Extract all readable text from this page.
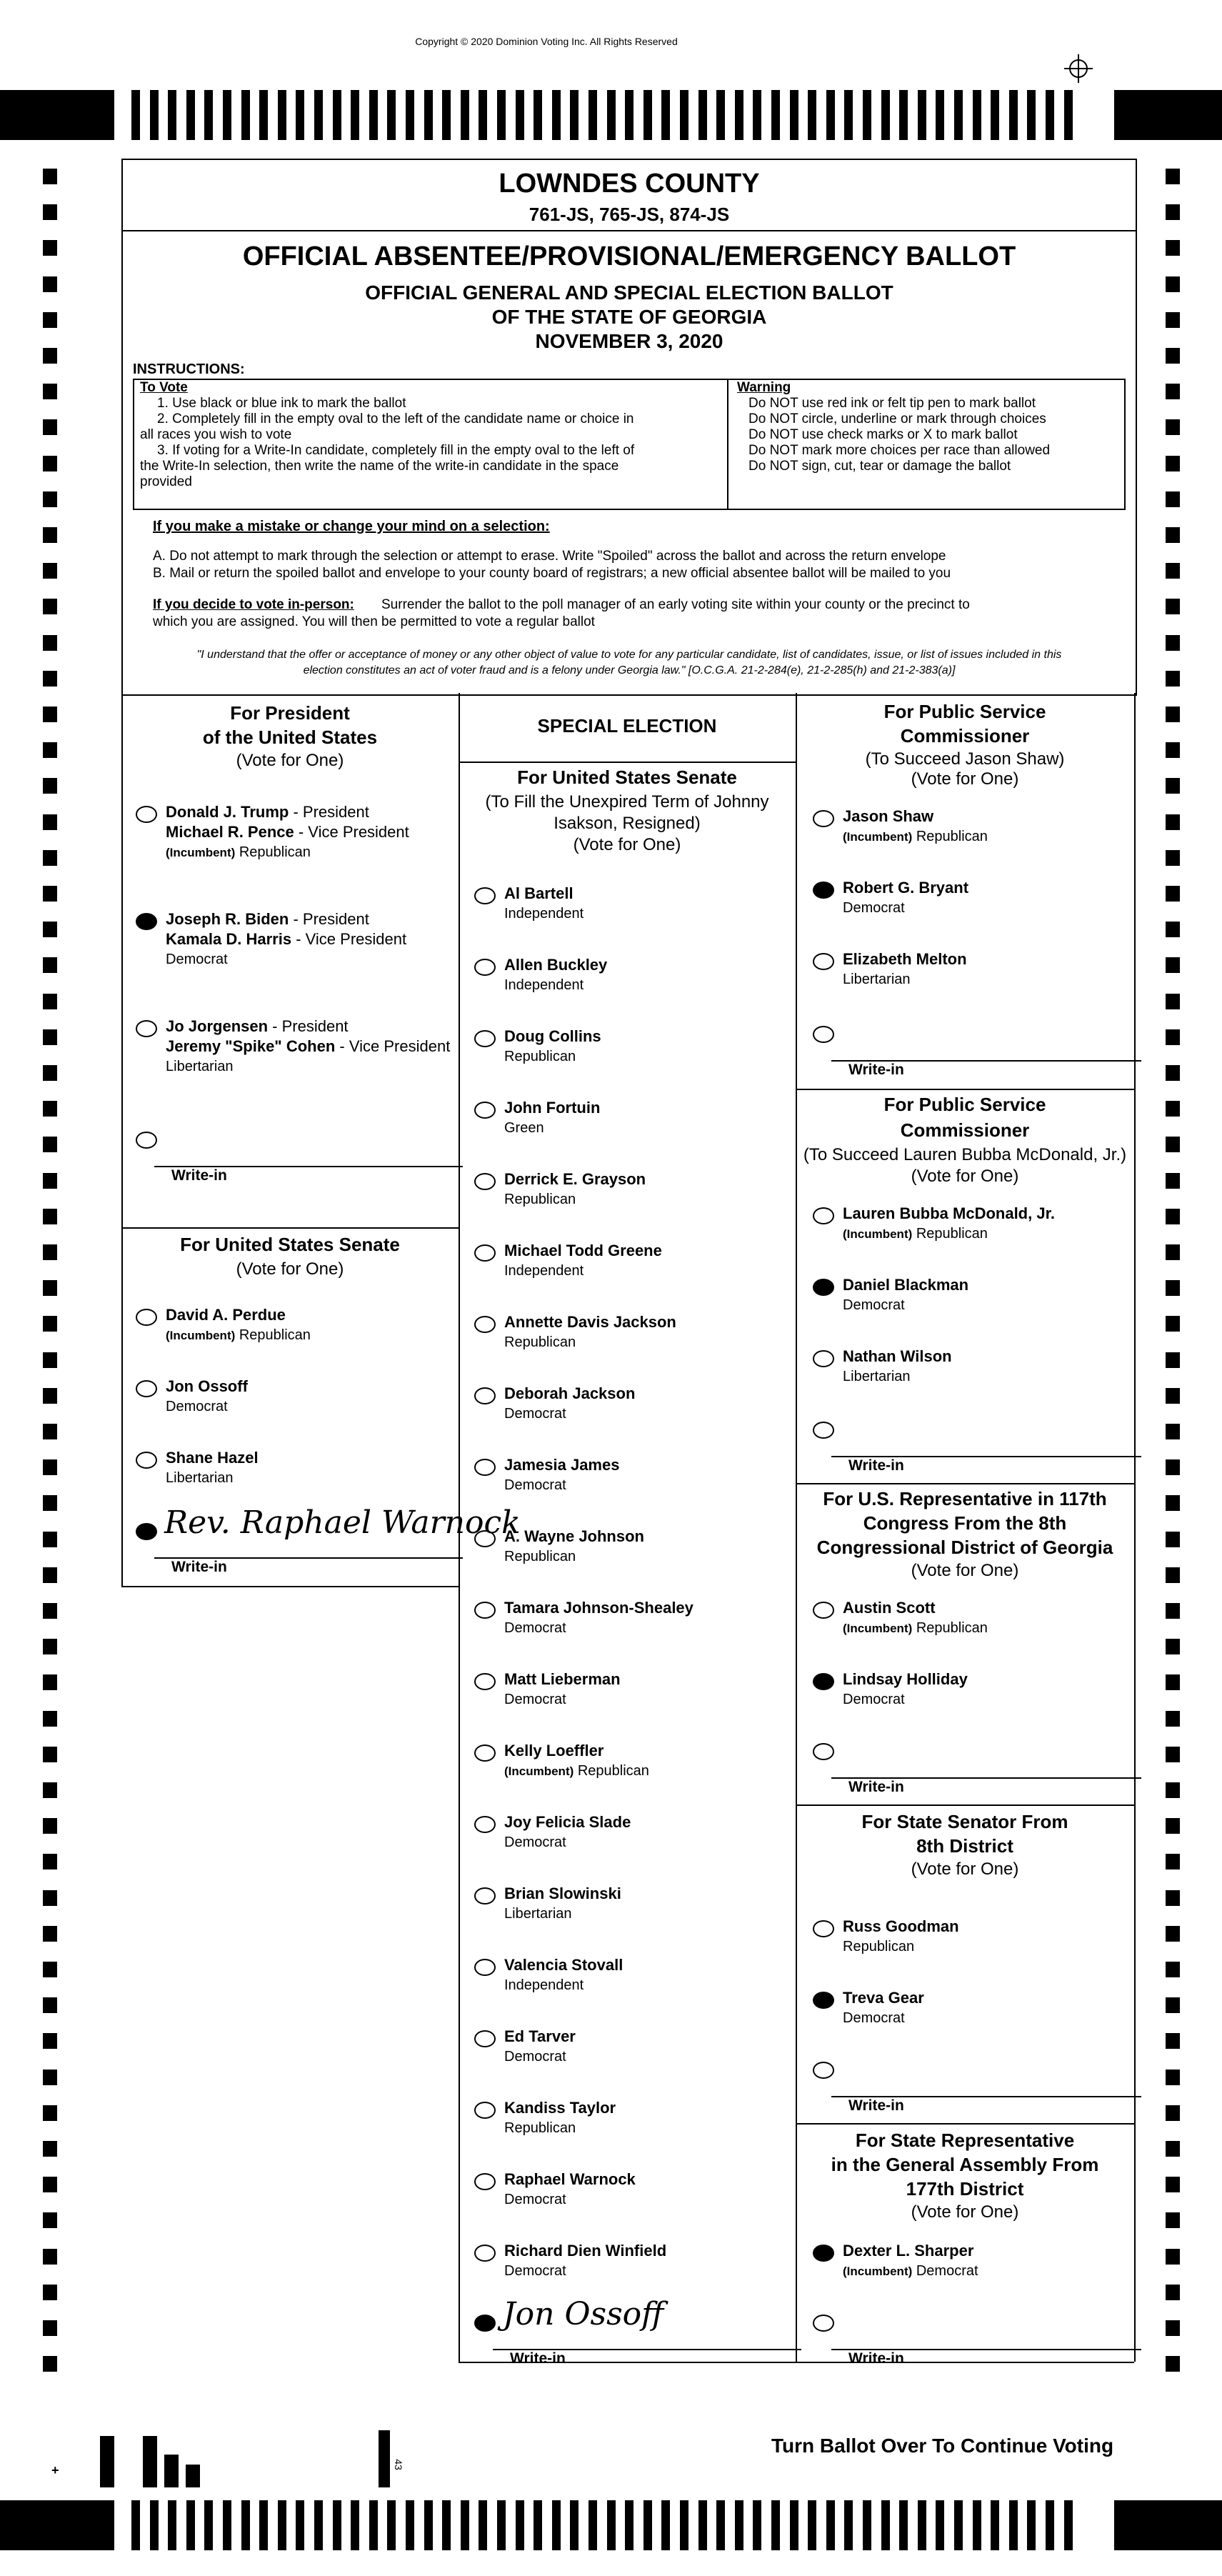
Copyright © 2020 Dominion Voting Inc. All Rights Reserved
LOWNDES COUNTY
761-JS, 765-JS, 874-JS
OFFICIAL ABSENTEE/PROVISIONAL/EMERGENCY BALLOT
OFFICIAL GENERAL AND SPECIAL ELECTION BALLOT
OF THE STATE OF GEORGIA
NOVEMBER 3, 2020
INSTRUCTIONS:
To Vote
1. Use black or blue ink to mark the ballot
2. Completely fill in the empty oval to the left of the candidate name or choice in
all races you wish to vote
3. If voting for a Write-In candidate, completely fill in the empty oval to the left of
the Write-In selection, then write the name of the write-in candidate in the space
provided
Warning
Do NOT use red ink or felt tip pen to mark ballot
Do NOT circle, underline or mark through choices
Do NOT use check marks or X to mark ballot
Do NOT mark more choices per race than allowed
Do NOT sign, cut, tear or damage the ballot
If you make a mistake or change your mind on a selection:
A. Do not attempt to mark through the selection or attempt to erase. Write "Spoiled" across the ballot and across the return envelope
B. Mail or return the spoiled ballot and envelope to your county board of registrars; a new official absentee ballot will be mailed to you
If you decide to vote in-person: Surrender the ballot to the poll manager of an early voting site within your county or the precinct to
which you are assigned. You will then be permitted to vote a regular ballot
"I understand that the offer or acceptance of money or any other object of value to vote for any particular candidate, list of candidates, issue, or list of issues included in this
election constitutes an act of voter fraud and is a felony under Georgia law." [O.C.G.A. 21-2-284(e), 21-2-285(h) and 21-2-383(a)]
For President
of the United States
(Vote for One)
Donald J. Trump - President
Michael R. Pence - Vice President
(Incumbent) Republican
Joseph R. Biden - President
Kamala D. Harris - Vice President
Democrat
Jo Jorgensen - President
Jeremy "Spike" Cohen - Vice President
Libertarian
Write-in
For United States Senate
(Vote for One)
David A. Perdue
(Incumbent) Republican
Jon Ossoff
Democrat
Shane Hazel
Libertarian
Rev. Raphael Warnock
Write-in
SPECIAL ELECTION
For United States Senate
(To Fill the Unexpired Term of Johnny
Isakson, Resigned)
(Vote for One)
Al Bartell
Independent
Allen Buckley
Independent
Doug Collins
Republican
John Fortuin
Green
Derrick E. Grayson
Republican
Michael Todd Greene
Independent
Annette Davis Jackson
Republican
Deborah Jackson
Democrat
Jamesia James
Democrat
A. Wayne Johnson
Republican
Tamara Johnson-Shealey
Democrat
Matt Lieberman
Democrat
Kelly Loeffler
(Incumbent) Republican
Joy Felicia Slade
Democrat
Brian Slowinski
Libertarian
Valencia Stovall
Independent
Ed Tarver
Democrat
Kandiss Taylor
Republican
Raphael Warnock
Democrat
Richard Dien Winfield
Democrat
Jon Ossoff
Write-in
For Public Service
Commissioner
(To Succeed Jason Shaw)
(Vote for One)
Jason Shaw
(Incumbent) Republican
Robert G. Bryant
Democrat
Elizabeth Melton
Libertarian
Write-in
For Public Service
Commissioner
(To Succeed Lauren Bubba McDonald, Jr.)
(Vote for One)
Lauren Bubba McDonald, Jr.
(Incumbent) Republican
Daniel Blackman
Democrat
Nathan Wilson
Libertarian
Write-in
For U.S. Representative in 117th
Congress From the 8th
Congressional District of Georgia
(Vote for One)
Austin Scott
(Incumbent) Republican
Lindsay Holliday
Democrat
Write-in
For State Senator From
8th District
(Vote for One)
Russ Goodman
Republican
Treva Gear
Democrat
Write-in
For State Representative
in the General Assembly From
177th District
(Vote for One)
Dexter L. Sharper
(Incumbent) Democrat
Write-in
Turn Ballot Over To Continue Voting
43
+
